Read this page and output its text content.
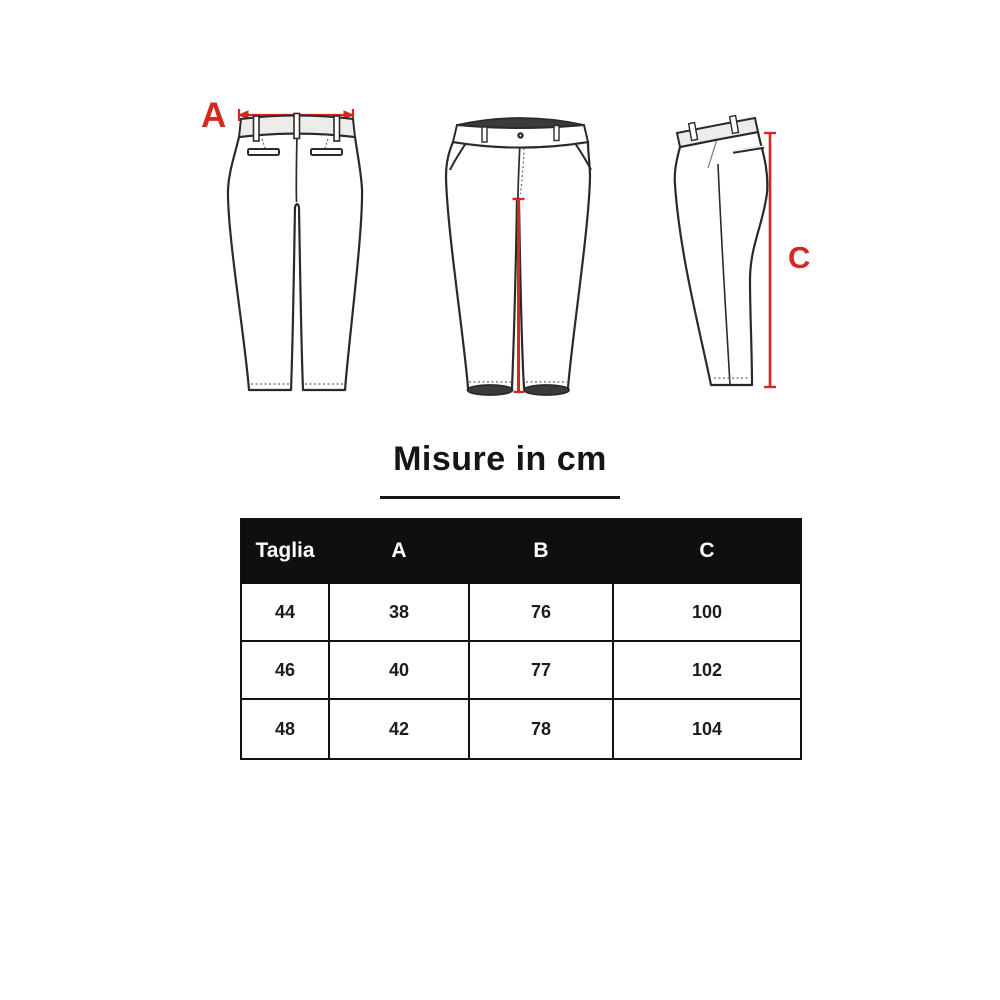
A
C
Misure in cm
Taglia	A	B	C
44	38	76	100
46	40	77	102
48	42	78	104
